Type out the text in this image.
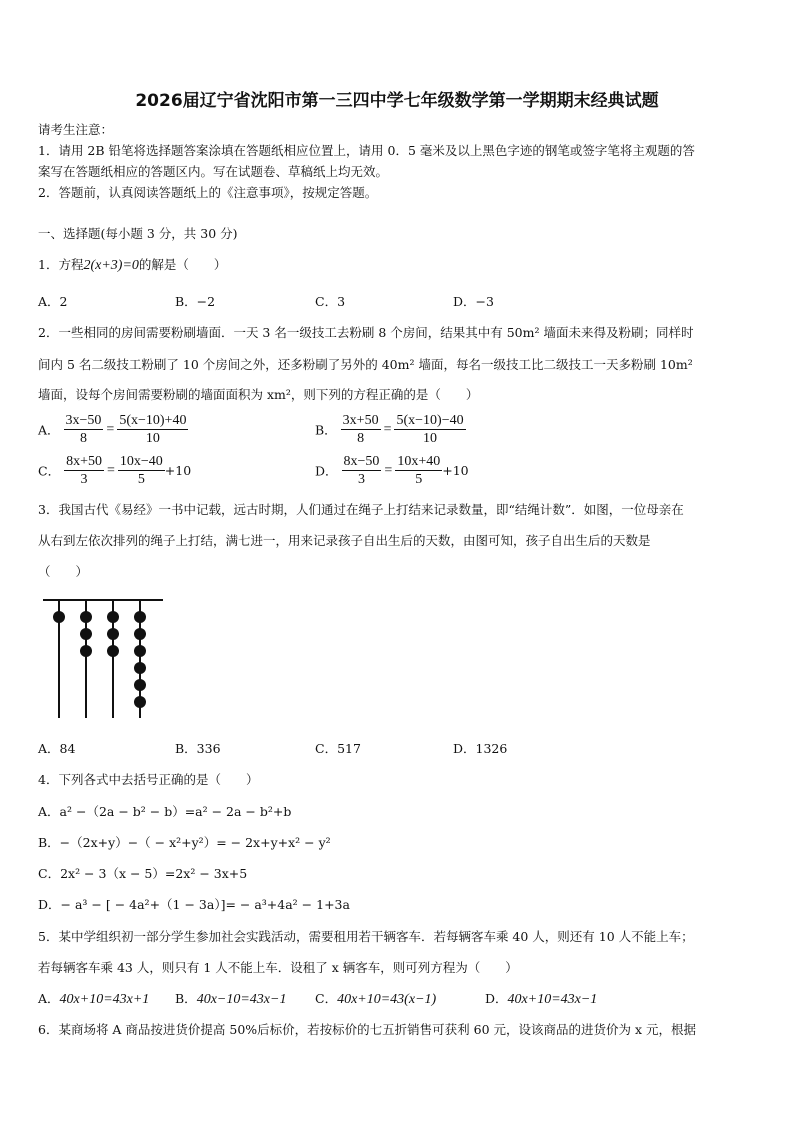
2026届辽宁省沈阳市第一三四中学七年级数学第一学期期末经典试题
请考生注意：
1．请用 2B 铅笔将选择题答案涂填在答题纸相应位置上，请用 0．5 毫米及以上黑色字迹的钢笔或签字笔将主观题的答
案写在答题纸相应的答题区内。写在试题卷、草稿纸上均无效。
2．答题前，认真阅读答题纸上的《注意事项》，按规定答题。
一、选择题(每小题 3 分，共 30 分)
1．方程2(x+3)=0的解是（　　）
A．2	B．−2	C．3	D．−3
2．一些相同的房间需要粉刷墙面．一天 3 名一级技工去粉刷 8 个房间，结果其中有 50m² 墙面未来得及粉刷；同样时
间内 5 名二级技工粉刷了 10 个房间之外，还多粉刷了另外的 40m² 墙面，每名一级技工比二级技工一天多粉刷 10m²
墙面，设每个房间需要粉刷的墙面面积为 xm²，则下列的方程正确的是（　　）
A． $\frac{3x-50}{8} = \frac{5(x-10)+40}{10}$	B． $\frac{3x+50}{8} = \frac{5(x-10)-40}{10}$
C． $\frac{8x+50}{3} = \frac{10x-40}{5} +10$	D． $\frac{8x-50}{3} = \frac{10x+40}{5} +10$
3．我国古代《易经》一书中记载，远古时期，人们通过在绳子上打结来记录数量，即“结绳计数”．如图，一位母亲在
从右到左依次排列的绳子上打结，满七进一，用来记录孩子自出生后的天数，由图可知，孩子自出生后的天数是
（　　）
A．84	B．336	C．517	D．1326
4．下列各式中去括号正确的是（　　）
A．a² −（2a − b² − b）=a² − 2a − b²+b
B．−（2x+y）−（ − x²+y²）= − 2x+y+x² − y²
C．2x² − 3（x − 5）=2x² − 3x+5
D．− a³ − [ − 4a²+（1 − 3a）]= − a³+4a² − 1+3a
5．某中学组织初一部分学生参加社会实践活动，需要租用若干辆客车．若每辆客车乘 40 人，则还有 10 人不能上车；
若每辆客车乘 43 人，则只有 1 人不能上车．设租了 x 辆客车，则可列方程为（　　）
A．40x+10=43x+1 B．40x−10=43x−1 C．40x+10=43(x−1)	D．40x+10=43x−1
6．某商场将 A 商品按进货价提高 50%后标价，若按标价的七五折销售可获利 60 元，设该商品的进货价为 x 元，根据
